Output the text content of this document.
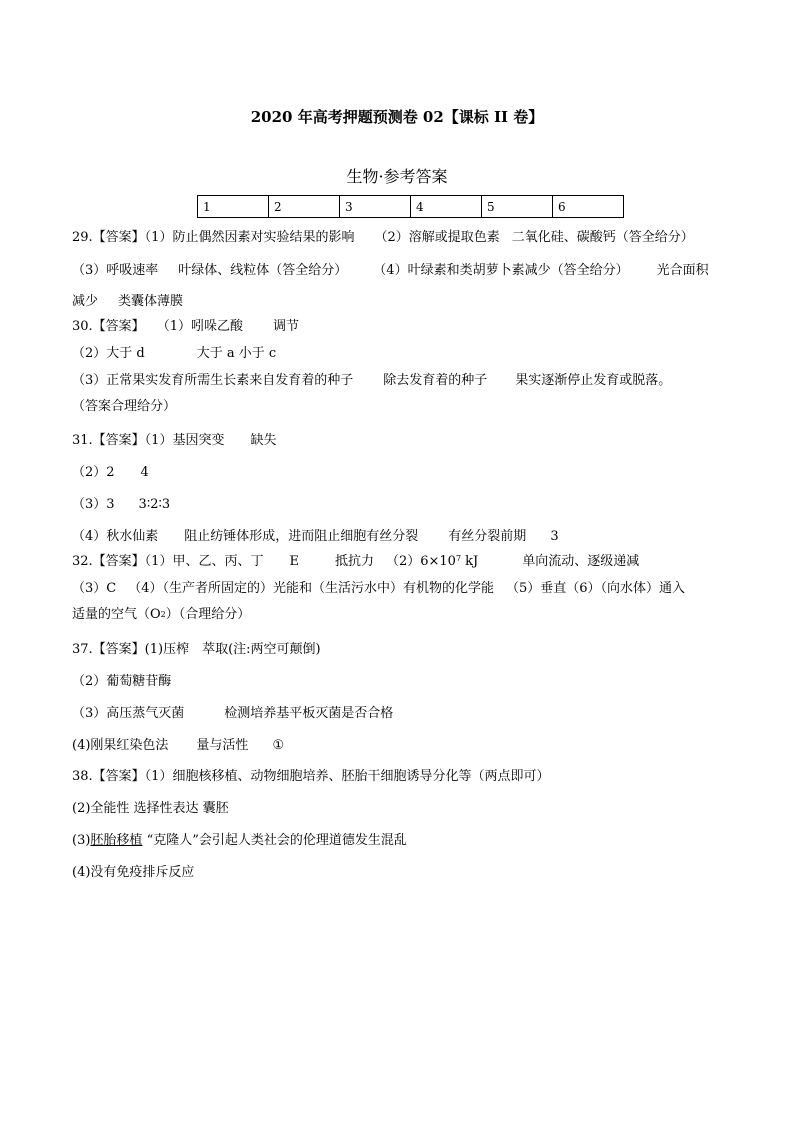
2020 年高考押题预测卷 02【课标 II 卷】
生物·参考答案
1	2	3	4	5	6
29.【答案】（1）防止偶然因素对实验结果的影响 （2）溶解或提取色素 二氧化硅、碳酸钙（答全给分）
（3）呼吸速率 叶绿体、线粒体（答全给分） （4）叶绿素和类胡萝卜素减少（答全给分） 光合面积
减少 类囊体薄膜
30.【答案】 （1）吲哚乙酸 调节
（2）大于 d	大于 a 小于 c
（3）正常果实发育所需生长素来自发育着的种子 除去发育着的种子 果实逐渐停止发育或脱落。
（答案合理给分）
31.【答案】（1）基因突变 缺失
（2）2 4
（3）3 3∶2∶3
（4）秋水仙素 阻止纺锤体形成，进而阻止细胞有丝分裂 有丝分裂前期 3
32.【答案】（1）甲、乙、丙、丁 E	抵抗力 $(2)6\times 10^7$ kJ	单向流动、逐级递减
（3）C （4）（生产者所固定的）光能和（生活污水中）有机物的化学能 （5）垂直（6）（向水体）通入
适量的空气（O2）（合理给分）
37.【答案】(1)压榨　萃取(注:两空可颠倒)
（2）葡萄糖苷酶
（3）高压蒸气灭菌	检测培养基平板灭菌是否合格
(4)刚果红染色法 量与活性 ①
38.【答案】（1）细胞核移植、动物细胞培养、胚胎干细胞诱导分化等（两点即可）
(2)全能性 选择性表达 囊胚
(3)胚胎移植 “克隆人”会引起人类社会的伦理道德发生混乱
(4)没有免疫排斥反应
